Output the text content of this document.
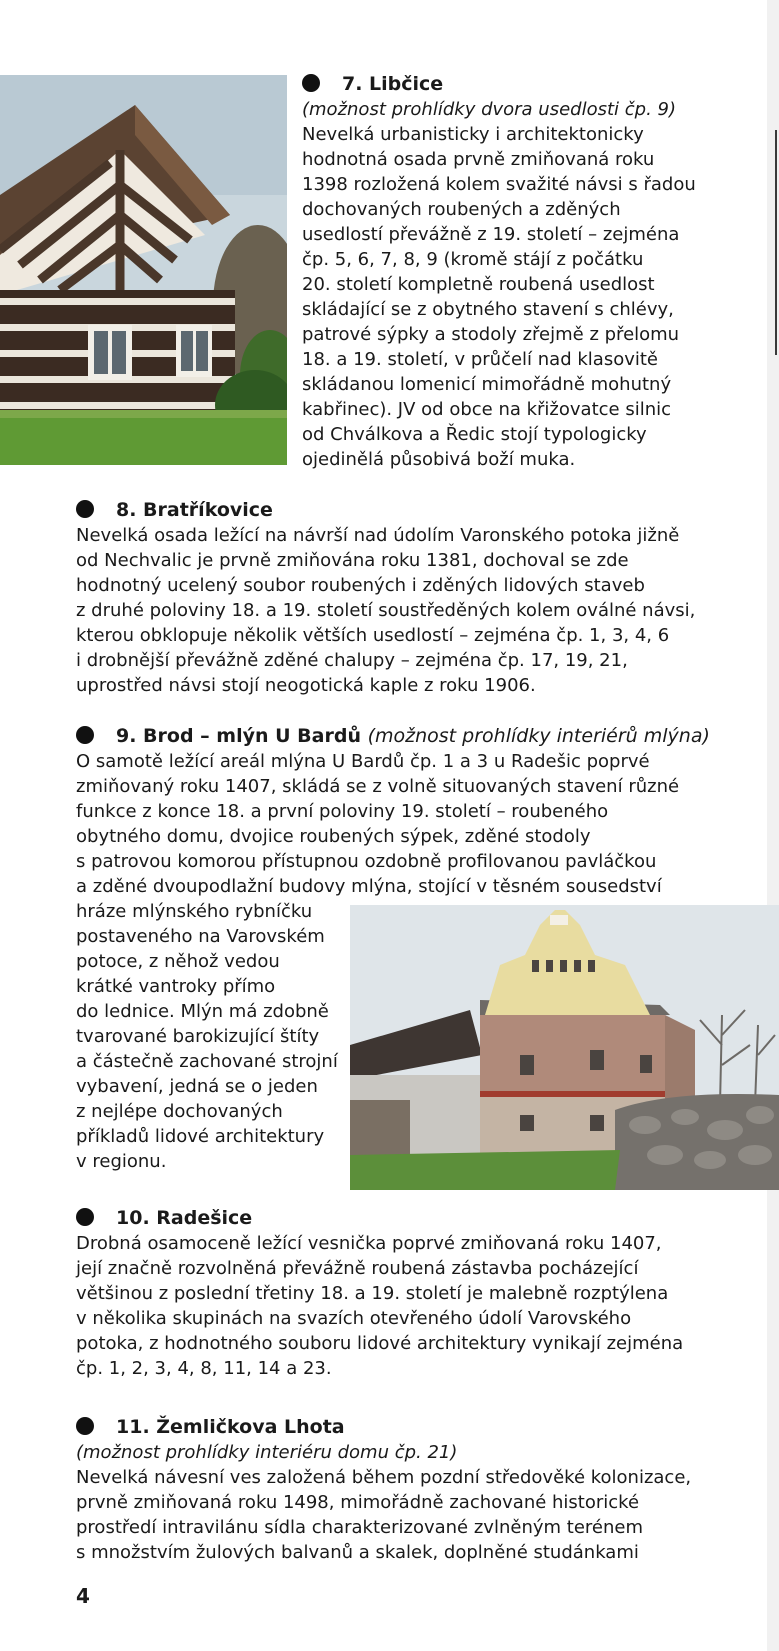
7. Libčice
(možnost prohlídky dvora usedlosti čp. 9)
Nevelká urbanisticky i architektonicky
hodnotná osada prvně zmiňovaná roku
1398 rozložená kolem svažité návsi s řadou
dochovaných roubených a zděných
usedlostí převážně z 19. století – zejména
čp. 5, 6, 7, 8, 9 (kromě stájí z počátku
20. století kompletně roubená usedlost
skládající se z obytného stavení s chlévy,
patrové sýpky a stodoly zřejmě z přelomu
18. a 19. století, v průčelí nad klasovitě
skládanou lomenicí mimořádně mohutný
kabřinec). JV od obce na křižovatce silnic
od Chválkova a Ředic stojí typologicky
ojedinělá působivá boží muka.
8. Bratříkovice
Nevelká osada ležící na návrší nad údolím Varonského potoka jižně
od Nechvalic je prvně zmiňována roku 1381, dochoval se zde
hodnotný ucelený soubor roubených i zděných lidových staveb
z druhé poloviny 18. a 19. století soustředěných kolem oválné návsi,
kterou obklopuje několik větších usedlostí – zejména čp. 1, 3, 4, 6
i drobnější převážně zděné chalupy – zejména čp. 17, 19, 21,
uprostřed návsi stojí neogotická kaple z roku 1906.
9. Brod – mlýn U Bardů (možnost prohlídky interiérů mlýna)
O samotě ležící areál mlýna U Bardů čp. 1 a 3 u Radešic poprvé
zmiňovaný roku 1407, skládá se z volně situovaných stavení různé
funkce z konce 18. a první poloviny 19. století – roubeného
obytného domu, dvojice roubených sýpek, zděné stodoly
s patrovou komorou přístupnou ozdobně profilovanou pavláčkou
a zděné dvoupodlažní budovy mlýna, stojící v těsném sousedství
hráze mlýnského rybníčku
postaveného na Varovském
potoce, z něhož vedou
krátké vantroky přímo
do lednice. Mlýn má zdobně
tvarované barokizující štíty
a částečně zachované strojní
vybavení, jedná se o jeden
z nejlépe dochovaných
příkladů lidové architektury
v regionu.
10. Radešice
Drobná osamoceně ležící vesnička poprvé zmiňovaná roku 1407,
její značně rozvolněná převážně roubená zástavba pocházející
většinou z poslední třetiny 18. a 19. století je malebně rozptýlena
v několika skupinách na svazích otevřeného údolí Varovského
potoka, z hodnotného souboru lidové architektury vynikají zejména
čp. 1, 2, 3, 4, 8, 11, 14 a 23.
11. Žemličkova Lhota
(možnost prohlídky interiéru domu čp. 21)
Nevelká návesní ves založená během pozdní středověké kolonizace,
prvně zmiňovaná roku 1498, mimořádně zachované historické
prostředí intravilánu sídla charakterizované zvlněným terénem
s množstvím žulových balvanů a skalek, doplněné studánkami
4
